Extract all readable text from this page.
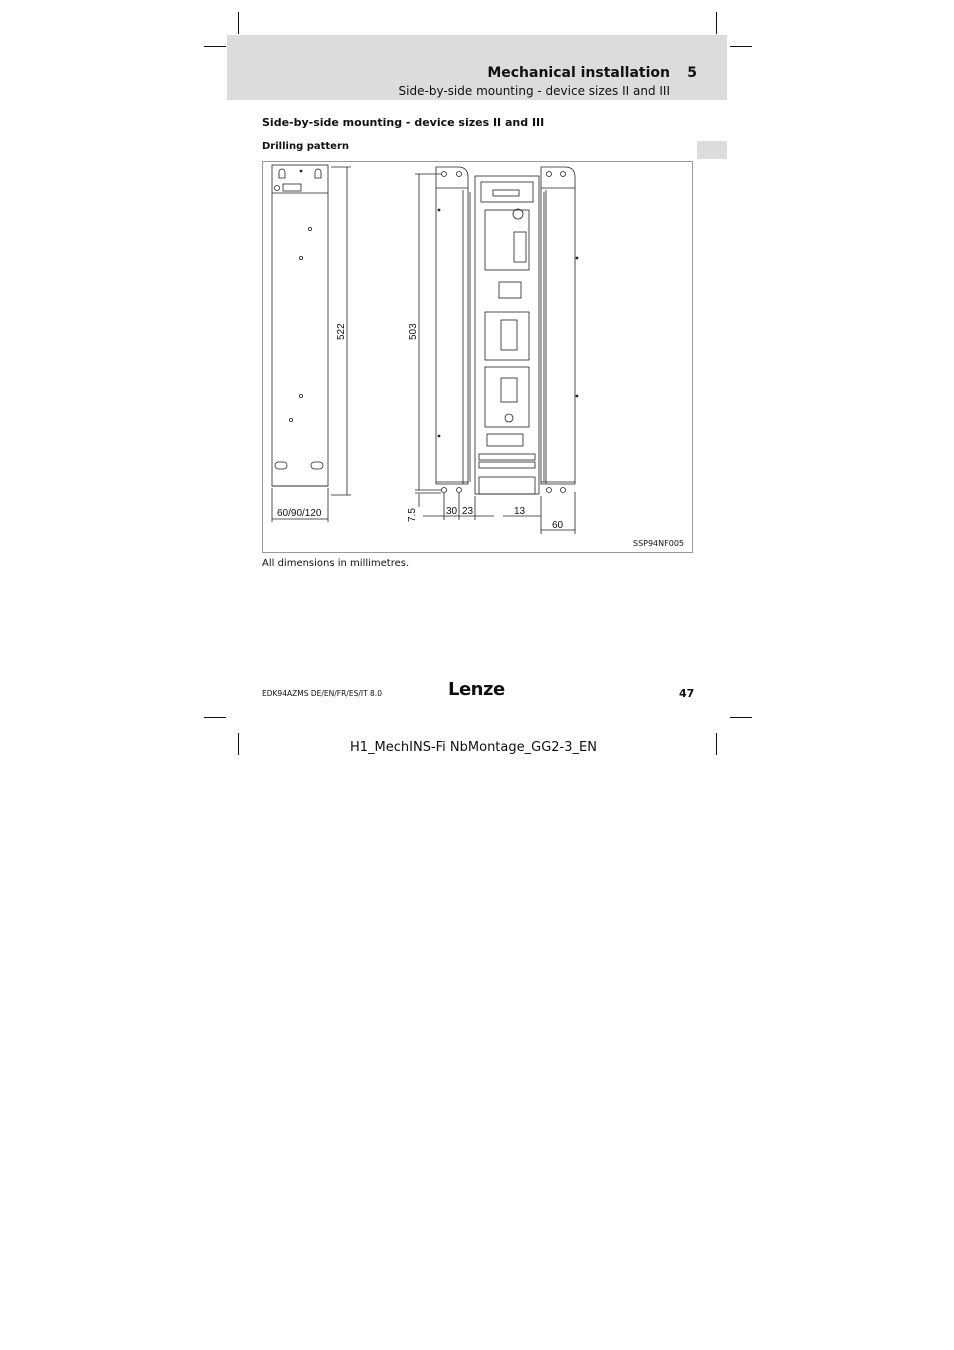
Mechanical installation 5
Side-by-side mounting - device sizes II and III
Side-by-side mounting - device sizes II and III
Drilling pattern
522	503
60/90/120	7.5	30 23	13
60
SSP94NF005
All dimensions in millimetres.
EDK94AZMS DE/EN/FR/ES/IT 8.0	Lenze	47
H1_MechINS-Fi NbMontage_GG2-3_EN
